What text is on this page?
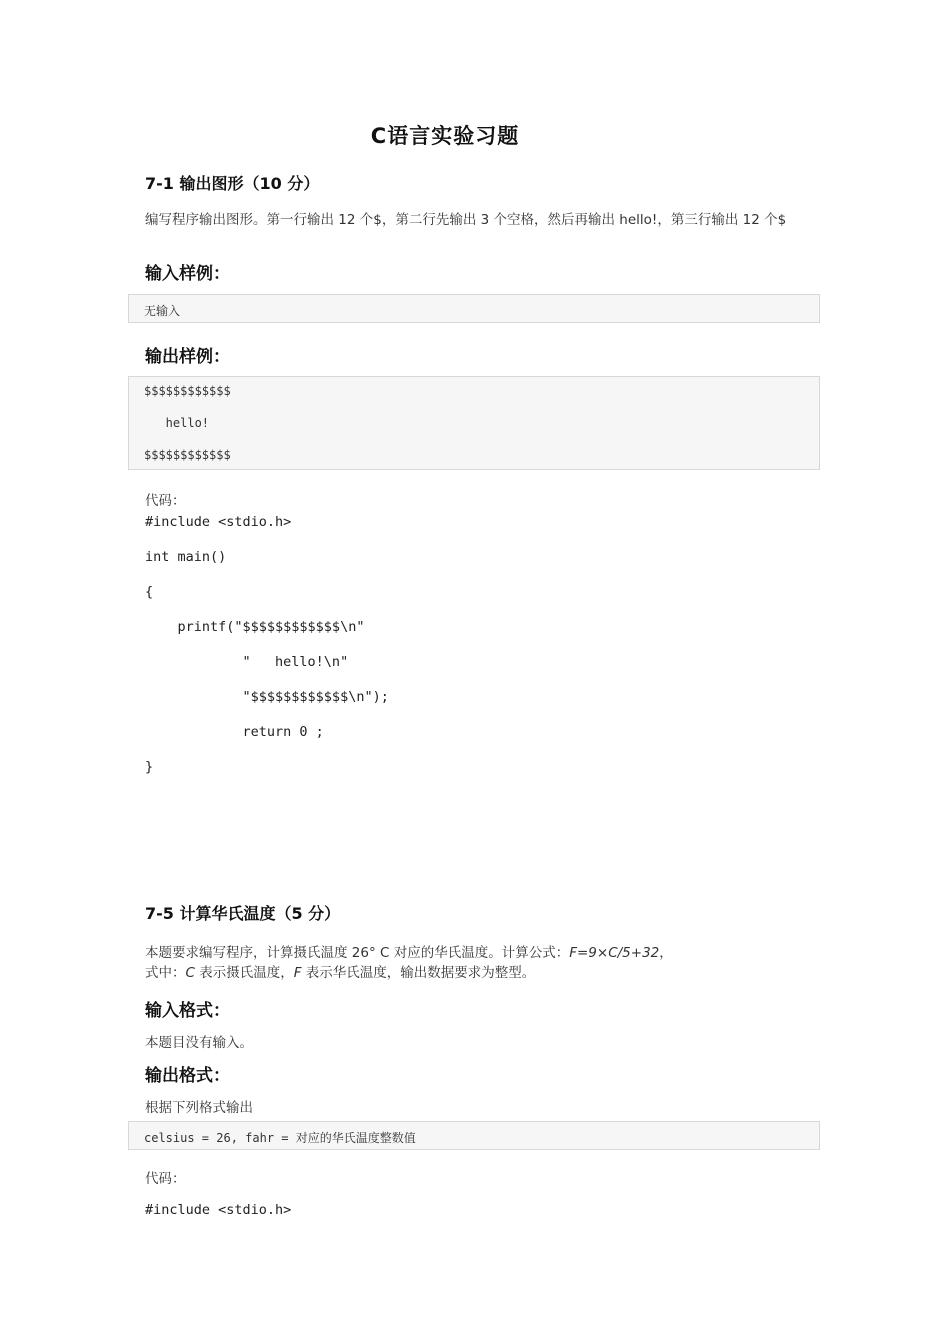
C语言实验习题
7-1 输出图形（10 分）
编写程序输出图形。第一行输出 12 个$，第二行先输出 3 个空格，然后再输出 hello!，第三行输出 12 个$
输入样例：
无输入
输出样例：
$$$$$$$$$$$$
hello!
$$$$$$$$$$$$
代码：
#include <stdio.h>
int main()
{
printf("$$$$$$$$$$$$\n"
"   hello!\n"
"$$$$$$$$$$$$\n");
return 0 ;
}
7-5 计算华氏温度（5 分）
本题要求编写程序，计算摄氏温度 26° C 对应的华氏温度。计算公式：F=9×C/5+32，
式中：C 表示摄氏温度，F 表示华氏温度，输出数据要求为整型。
输入格式：
本题目没有输入。
输出格式：
根据下列格式输出
celsius = 26, fahr = 对应的华氏温度整数值
代码：
#include <stdio.h>
